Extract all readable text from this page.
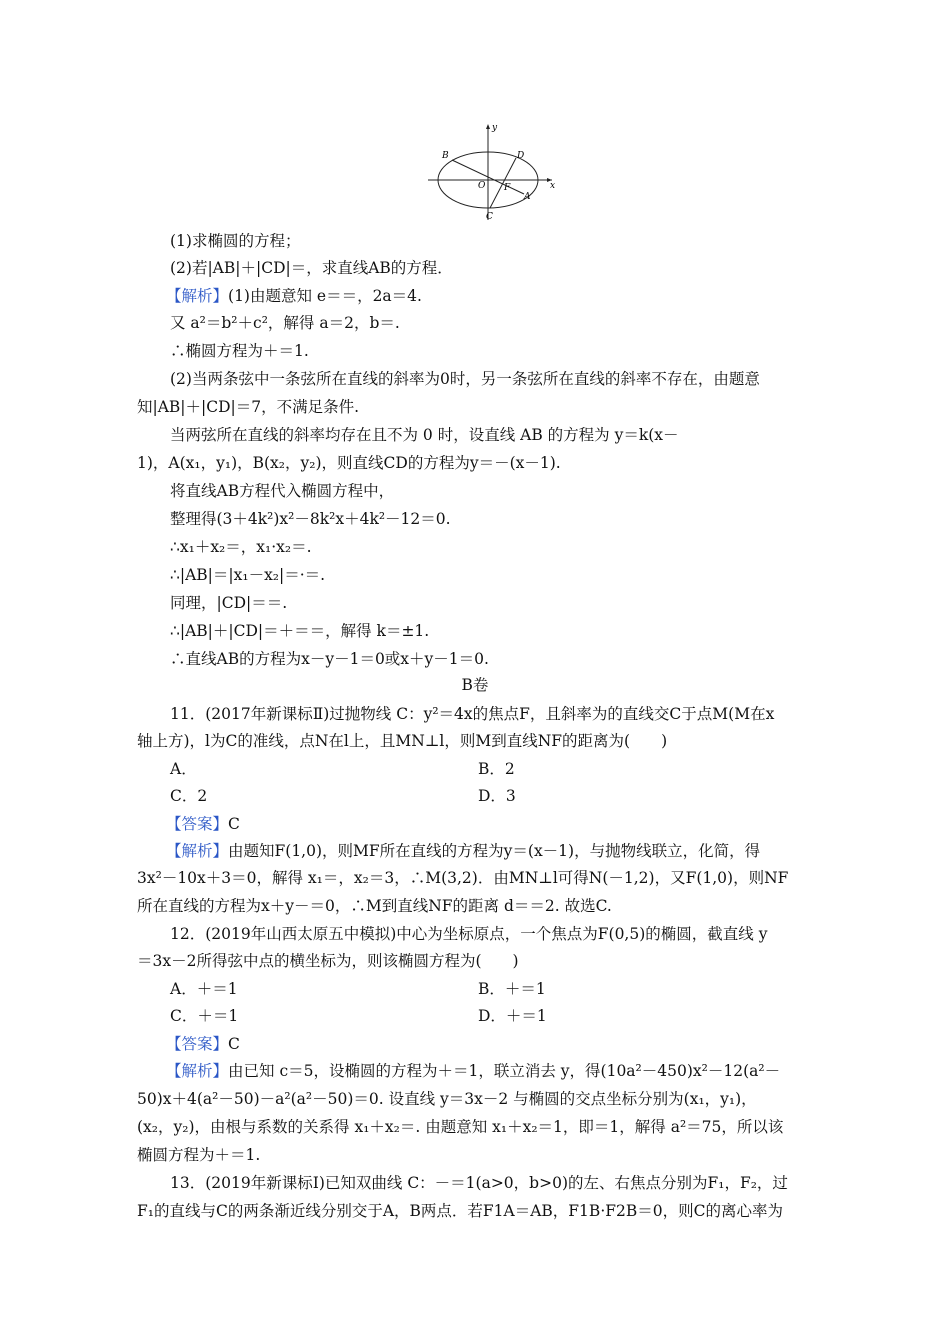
y
B	D
O F	x
A
C
(1)求椭圆的方程；
(2)若|AB|＋|CD|＝，求直线AB的方程．
【解析】(1)由题意知 e＝＝，2a＝4.
又 a²＝b²＋c²，解得 a＝2，b＝.
∴椭圆方程为＋＝1.
(2)当两条弦中一条弦所在直线的斜率为0时，另一条弦所在直线的斜率不存在，由题意
知|AB|＋|CD|＝7，不满足条件.
当两弦所在直线的斜率均存在且不为 0 时，设直线 AB 的方程为 y＝k(x－
1)，A(x₁，y₁)，B(x₂，y₂)，则直线CD的方程为y＝－(x－1).
将直线AB方程代入椭圆方程中，
整理得(3＋4k²)x²－8k²x＋4k²－12＝0.
∴x₁＋x₂＝，x₁·x₂＝.
∴|AB|＝|x₁－x₂|＝·＝.
同理，|CD|＝＝.
∴|AB|＋|CD|＝＋＝＝，解得 k＝±1.
∴直线AB的方程为x－y－1＝0或x＋y－1＝0.
B卷
11．(2017年新课标Ⅱ)过抛物线 C：y²＝4x的焦点F，且斜率为的直线交C于点M(M在x
轴上方)，l为C的准线，点N在l上，且MN⊥l，则M到直线NF的距离为(　　)
A．	B．2
C．2	D．3
【答案】C
【解析】由题知F(1,0)，则MF所在直线的方程为y＝(x－1)，与抛物线联立，化简，得
3x²－10x＋3＝0，解得 x₁＝，x₂＝3，∴M(3,2)．由MN⊥l可得N(－1,2)，又F(1,0)，则NF
所在直线的方程为x＋y－＝0，∴M到直线NF的距离 d＝＝2. 故选C.
12．(2019年山西太原五中模拟)中心为坐标原点，一个焦点为F(0,5)的椭圆，截直线 y
＝3x－2所得弦中点的横坐标为，则该椭圆方程为(　　)
A．＋＝1	B．＋＝1
C．＋＝1	D．＋＝1
【答案】C
【解析】由已知 c＝5，设椭圆的方程为＋＝1，联立消去 y，得(10a²－450)x²－12(a²－
50)x＋4(a²－50)－a²(a²－50)＝0. 设直线 y＝3x－2 与椭圆的交点坐标分别为(x₁，y₁)，
(x₂，y₂)，由根与系数的关系得 x₁＋x₂＝. 由题意知 x₁＋x₂＝1，即＝1，解得 a²＝75，所以该
椭圆方程为＋＝1.
13．(2019年新课标Ⅰ)已知双曲线 C：－＝1(a>0，b>0)的左、右焦点分别为F₁，F₂，过
F₁的直线与C的两条渐近线分别交于A，B两点．若F1A＝AB，F1B·F2B＝0，则C的离心率为
